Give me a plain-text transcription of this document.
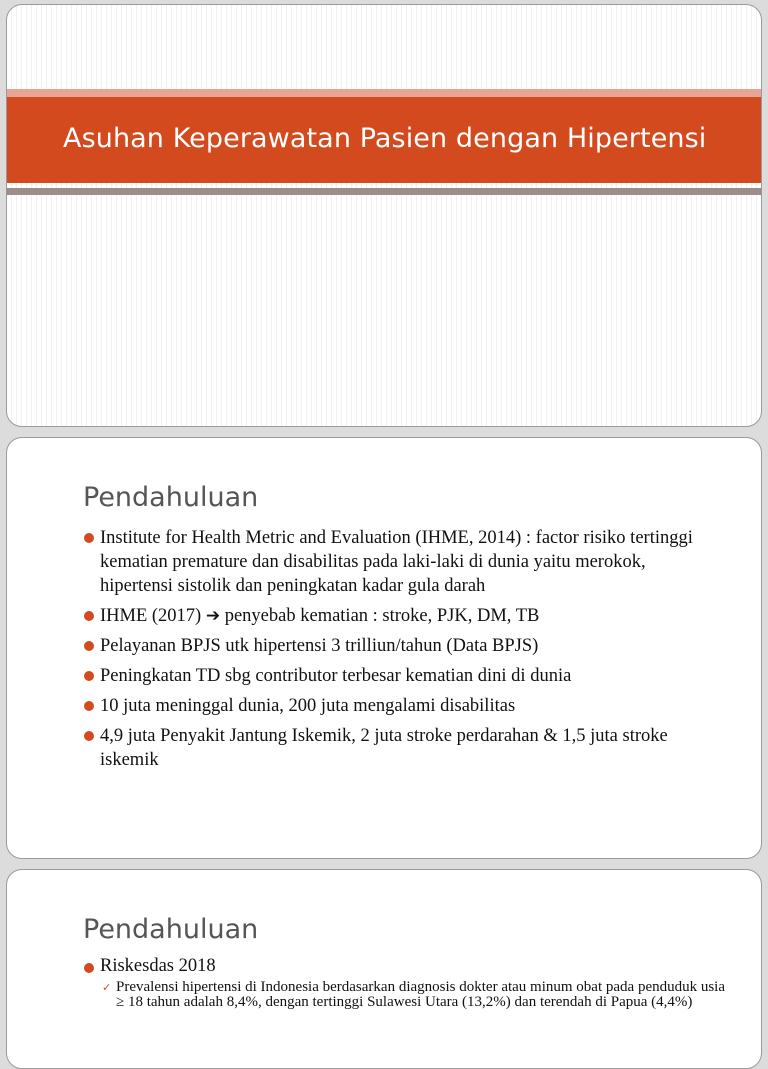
Asuhan Keperawatan Pasien dengan Hipertensi
Pendahuluan
Institute for Health Metric and Evaluation (IHME, 2014) : factor risiko tertinggi kematian premature dan disabilitas pada laki-laki di dunia yaitu merokok, hipertensi sistolik dan peningkatan kadar gula darah
IHME (2017) ➔ penyebab kematian : stroke, PJK, DM, TB
Pelayanan BPJS utk hipertensi 3 trilliun/tahun (Data BPJS)
Peningkatan TD sbg contributor terbesar kematian dini di dunia
10 juta meninggal dunia, 200 juta mengalami disabilitas
4,9 juta Penyakit Jantung Iskemik, 2 juta stroke perdarahan & 1,5 juta stroke iskemik
Pendahuluan
Riskesdas 2018
✓ Prevalensi hipertensi di Indonesia berdasarkan diagnosis dokter atau minum obat pada penduduk usia ≥ 18 tahun adalah 8,4%, dengan tertinggi Sulawesi Utara (13,2%) dan terendah di Papua (4,4%)
